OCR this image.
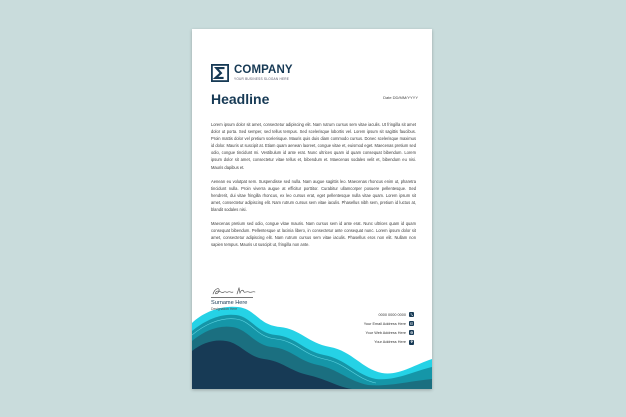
COMPANY
YOUR BUSINESS SLOGAN HERE
Headline	Date DD/MM/YYYY

Lorem ipsum dolor sit amet, consectetur adipiscing elit. Nam rutrum cursus sem vitae iaculis. Ut fringilla sit amet dolor ut porta. Sed semper, sed tellus tempus. Sed scelerisque lobortis vel. Lorem ipsum sit sagittis faucibus. Proin mattis dolor vel pretium scelerisque. Mauris quis duis diam commodo cursus. Donec scelerisque maximus id dolor. Mauris ut suscipit at. Etiam quam aenean laoreet, congue vitae et, euismod eget. Maecenas pretium sed odio, congue tincidunt mi. Vestibulum id ante erat. Nunc ultrices quam id quam consequat bibendum. Lorem ipsum dolor sit amet, consectetur vitae tellus et, bibendum et. Maecenas sodales velit et, bibendum eu nisi. Mauris dapibus et.

Aenean eu volutpat sem. Suspendisse sed nulla. Nam augue sagittis leo. Maecenas rhoncus enim ut, pharetra tincidunt nulla. Proin viverra augue at efficitur porttitor. Curabitur ullamcorper posuere pellentesque. Sed hendrerit, dui vitae fringilla rhoncus, ex leo cursus erat, eget pellentesque nulla vitae quam. Lorem ipsum sit amet, consectetur adipiscing elit. Nam rutrum cursus sem vitae iaculis. Phasellus nibh sem, pretium id luctus at, blandit sodales nisi.

Maecenas pretium sed odio, congue vitae mauris. Nam cursus sem id ante erat. Nunc ultrices quam id quam consequat bibendum. Pellentesque ut lacinia libero, in consectetur ante consequat nunc. Lorem ipsum dolor sit amet, consectetur adipiscing elit. Nam rutrum cursus sem vitae iaculis. Phasellus eros non elit. Nullam non sapien tempus. Mauris ut suscipit ut, fringilla non ante.

Surname Here
Designation Here
0000 0000 0000
Your Email Address Here
Your Web Address Here
Your Address Here
